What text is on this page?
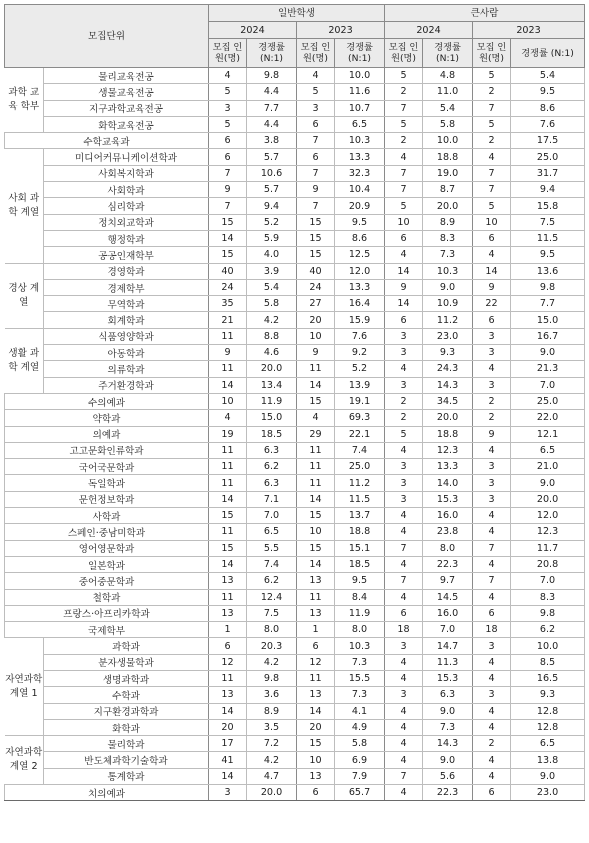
모집단위		일반학생				큰사람			
		2024		2023		2024		2023	
		모집 인원(명)	경쟁률 (N:1)	모집 인원(명)	경쟁률 (N:1)	모집 인원(명)	경쟁률 (N:1)	모집 인원(명)	경쟁률 (N:1)
과학 교육 학부	물리교육전공	4	9.8	4	10.0	5	4.8	5	5.4
	생물교육전공	5	4.4	5	11.6	2	11.0	2	9.5
	지구과학교육전공	3	7.7	3	10.7	7	5.4	7	8.6
	화학교육전공	5	4.4	6	6.5	5	5.8	5	7.6
수학교육과		6	3.8	7	10.3	2	10.0	2	17.5
사회 과학 계열	미디어커뮤니케이션학과	6	5.7	6	13.3	4	18.8	4	25.0
	사회복지학과	7	10.6	7	32.3	7	19.0	7	31.7
	사회학과	9	5.7	9	10.4	7	8.7	7	9.4
	심리학과	7	9.4	7	20.9	5	20.0	5	15.8
	정치외교학과	15	5.2	15	9.5	10	8.9	10	7.5
	행정학과	14	5.9	15	8.6	6	8.3	6	11.5
	공공인재학부	15	4.0	15	12.5	4	7.3	4	9.5
경상 계열	경영학과	40	3.9	40	12.0	14	10.3	14	13.6
	경제학부	24	5.4	24	13.3	9	9.0	9	9.8
	무역학과	35	5.8	27	16.4	14	10.9	22	7.7
	회계학과	21	4.2	20	15.9	6	11.2	6	15.0
생활 과학 계열	식품영양학과	11	8.8	10	7.6	3	23.0	3	16.7
	아동학과	9	4.6	9	9.2	3	9.3	3	9.0
	의류학과	11	20.0	11	5.2	4	24.3	4	21.3
	주거환경학과	14	13.4	14	13.9	3	14.3	3	7.0
수의예과		10	11.9	15	19.1	2	34.5	2	25.0
약학과		4	15.0	4	69.3	2	20.0	2	22.0
의예과		19	18.5	29	22.1	5	18.8	9	12.1
고고문화인류학과		11	6.3	11	7.4	4	12.3	4	6.5
국어국문학과		11	6.2	11	25.0	3	13.3	3	21.0
독일학과		11	6.3	11	11.2	3	14.0	3	9.0
문헌정보학과		14	7.1	14	11.5	3	15.3	3	20.0
사학과		15	7.0	15	13.7	4	16.0	4	12.0
스페인·중남미학과		11	6.5	10	18.8	4	23.8	4	12.3
영어영문학과		15	5.5	15	15.1	7	8.0	7	11.7
일본학과		14	7.4	14	18.5	4	22.3	4	20.8
중어중문학과		13	6.2	13	9.5	7	9.7	7	7.0
철학과		11	12.4	11	8.4	4	14.5	4	8.3
프랑스·아프리카학과		13	7.5	13	11.9	6	16.0	6	9.8
국제학부		1	8.0	1	8.0	18	7.0	18	6.2
자연과학 계열 1	과학과	6	20.3	6	10.3	3	14.7	3	10.0
	분자생물학과	12	4.2	12	7.3	4	11.3	4	8.5
	생명과학과	11	9.8	11	15.5	4	15.3	4	16.5
	수학과	13	3.6	13	7.3	3	6.3	3	9.3
	지구환경과학과	14	8.9	14	4.1	4	9.0	4	12.8
	화학과	20	3.5	20	4.9	4	7.3	4	12.8
자연과학 계열 2	물리학과	17	7.2	15	5.8	4	14.3	2	6.5
	반도체과학기술학과	41	4.2	10	6.9	4	9.0	4	13.8
	통계학과	14	4.7	13	7.9	7	5.6	4	9.0
치의예과		3	20.0	6	65.7	4	22.3	6	23.0
